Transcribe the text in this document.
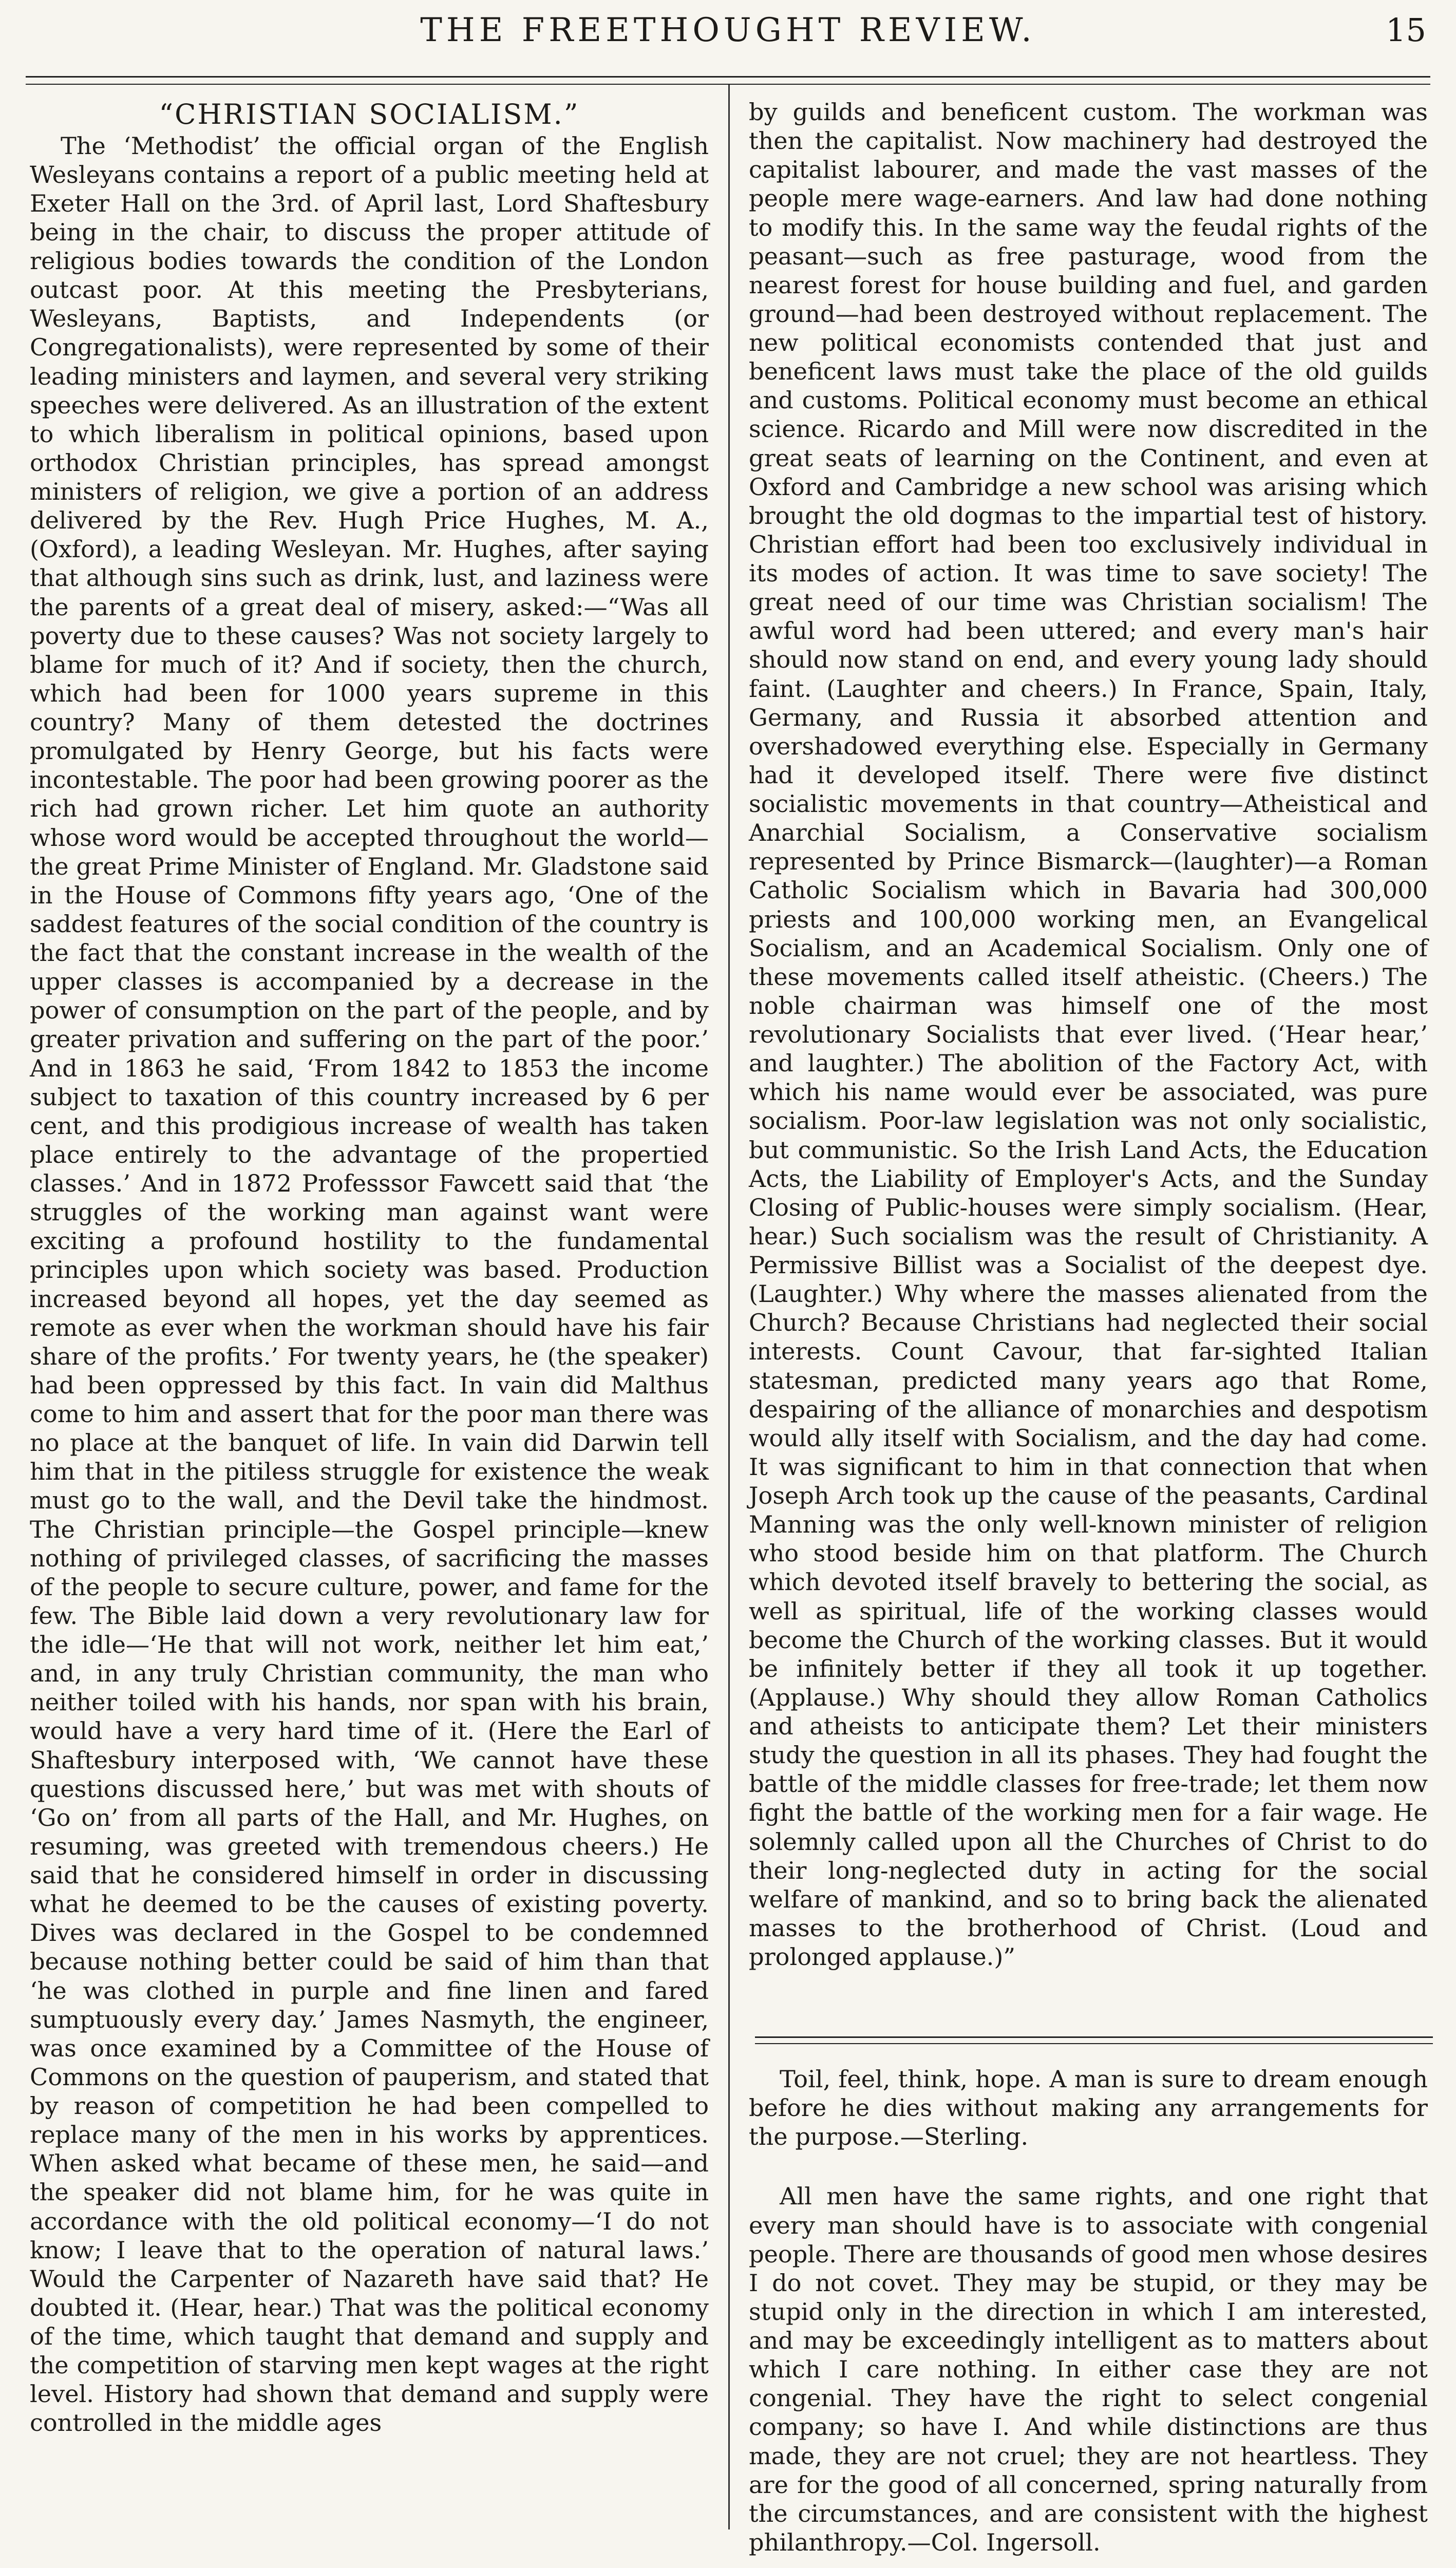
THE FREETHOUGHT REVIEW.	15

“CHRISTIAN SOCIALISM.”

The ‘Methodist’ the official organ of the English Wesleyans contains a report of a public meeting held at Exeter Hall on the 3rd. of April last, Lord Shaftesbury being in the chair, to discuss the proper attitude of religious bodies towards the condition of the London outcast poor. At this meeting the Presbyterians, Wesleyans, Baptists, and Independents (or Congregationalists), were represented by some of their leading ministers and laymen, and several very striking speeches were delivered. As an illustration of the extent to which liberalism in political opinions, based upon orthodox Christian principles, has spread amongst ministers of religion, we give a portion of an address delivered by the Rev. Hugh Price Hughes, M. A., (Oxford), a leading Wesleyan. Mr. Hughes, after saying that although sins such as drink, lust, and laziness were the parents of a great deal of misery, asked:—“Was all poverty due to these causes? Was not society largely to blame for much of it? And if society, then the church, which had been for 1000 years supreme in this country? Many of them detested the doctrines promulgated by Henry George, but his facts were incontestable. The poor had been growing poorer as the rich had grown richer. Let him quote an authority whose word would be accepted throughout the world—the great Prime Minister of England. Mr. Gladstone said in the House of Commons fifty years ago, ‘One of the saddest features of the social condition of the country is the fact that the constant increase in the wealth of the upper classes is accompanied by a decrease in the power of consumption on the part of the people, and by greater privation and suffering on the part of the poor.’ And in 1863 he said, ‘From 1842 to 1853 the income subject to taxation of this country increased by 6 per cent, and this prodigious increase of wealth has taken place entirely to the advantage of the propertied classes.’ And in 1872 Professsor Fawcett said that ‘the struggles of the working man against want were exciting a profound hostility to the fundamental principles upon which society was based. Production increased beyond all hopes, yet the day seemed as remote as ever when the workman should have his fair share of the profits.’ For twenty years, he (the speaker) had been oppressed by this fact. In vain did Malthus come to him and assert that for the poor man there was no place at the banquet of life. In vain did Darwin tell him that in the pitiless struggle for existence the weak must go to the wall, and the Devil take the hindmost. The Christian principle—the Gospel principle—knew nothing of privileged classes, of sacrificing the masses of the people to secure culture, power, and fame for the few. The Bible laid down a very revolutionary law for the idle—‘He that will not work, neither let him eat,’ and, in any truly Christian community, the man who neither toiled with his hands, nor span with his brain, would have a very hard time of it. (Here the Earl of Shaftesbury interposed with, ‘We cannot have these questions discussed here,’ but was met with shouts of ‘Go on’ from all parts of the Hall, and Mr. Hughes, on resuming, was greeted with tremendous cheers.) He said that he considered himself in order in discussing what he deemed to be the causes of existing poverty. Dives was declared in the Gospel to be condemned because nothing better could be said of him than that ‘he was clothed in purple and fine linen and fared sumptuously every day.’ James Nasmyth, the engineer, was once examined by a Committee of the House of Commons on the question of pauperism, and stated that by reason of competition he had been compelled to replace many of the men in his works by apprentices. When asked what became of these men, he said—and the speaker did not blame him, for he was quite in accordance with the old political economy—‘I do not know; I leave that to the operation of natural laws.’ Would the Carpenter of Nazareth have said that? He doubted it. (Hear, hear.) That was the political economy of the time, which taught that demand and supply and the competition of starving men kept wages at the right level. History had shown that demand and supply were controlled in the middle ages

by guilds and beneficent custom. The workman was then the capitalist. Now machinery had destroyed the capitalist labourer, and made the vast masses of the people mere wage-earners. And law had done nothing to modify this. In the same way the feudal rights of the peasant—such as free pasturage, wood from the nearest forest for house building and fuel, and garden ground—had been destroyed without replacement. The new political economists contended that just and beneficent laws must take the place of the old guilds and customs. Political economy must become an ethical science. Ricardo and Mill were now discredited in the great seats of learning on the Continent, and even at Oxford and Cambridge a new school was arising which brought the old dogmas to the impartial test of history. Christian effort had been too exclusively individual in its modes of action. It was time to save society! The great need of our time was Christian socialism! The awful word had been uttered; and every man's hair should now stand on end, and every young lady should faint. (Laughter and cheers.) In France, Spain, Italy, Germany, and Russia it absorbed attention and overshadowed everything else. Especially in Germany had it developed itself. There were five distinct socialistic movements in that country—Atheistical and Anarchial Socialism, a Conservative socialism represented by Prince Bismarck—(laughter)—a Roman Catholic Socialism which in Bavaria had 300,000 priests and 100,000 working men, an Evangelical Socialism, and an Academical Socialism. Only one of these movements called itself atheistic. (Cheers.) The noble chairman was himself one of the most revolutionary Socialists that ever lived. (‘Hear hear,’ and laughter.) The abolition of the Factory Act, with which his name would ever be associated, was pure socialism. Poor-law legislation was not only socialistic, but communistic. So the Irish Land Acts, the Education Acts, the Liability of Employer's Acts, and the Sunday Closing of Public-houses were simply socialism. (Hear, hear.) Such socialism was the result of Christianity. A Permissive Billist was a Socialist of the deepest dye. (Laughter.) Why where the masses alienated from the Church? Because Christians had neglected their social interests. Count Cavour, that far-sighted Italian statesman, predicted many years ago that Rome, despairing of the alliance of monarchies and despotism would ally itself with Socialism, and the day had come. It was significant to him in that connection that when Joseph Arch took up the cause of the peasants, Cardinal Manning was the only well-known minister of religion who stood beside him on that platform. The Church which devoted itself bravely to bettering the social, as well as spiritual, life of the working classes would become the Church of the working classes. But it would be infinitely better if they all took it up together. (Applause.) Why should they allow Roman Catholics and atheists to anticipate them? Let their ministers study the question in all its phases. They had fought the battle of the middle classes for free-trade; let them now fight the battle of the working men for a fair wage. He solemnly called upon all the Churches of Christ to do their long-neglected duty in acting for the social welfare of mankind, and so to bring back the alienated masses to the brotherhood of Christ. (Loud and prolonged applause.)”

Toil, feel, think, hope. A man is sure to dream enough before he dies without making any arrangements for the purpose.—Sterling.

All men have the same rights, and one right that every man should have is to associate with congenial people. There are thousands of good men whose desires I do not covet. They may be stupid, or they may be stupid only in the direction in which I am interested, and may be exceedingly intelligent as to matters about which I care nothing. In either case they are not congenial. They have the right to select congenial company; so have I. And while distinctions are thus made, they are not cruel; they are not heartless. They are for the good of all concerned, spring naturally from the circumstances, and are consistent with the highest philanthropy.—Col. Ingersoll.
